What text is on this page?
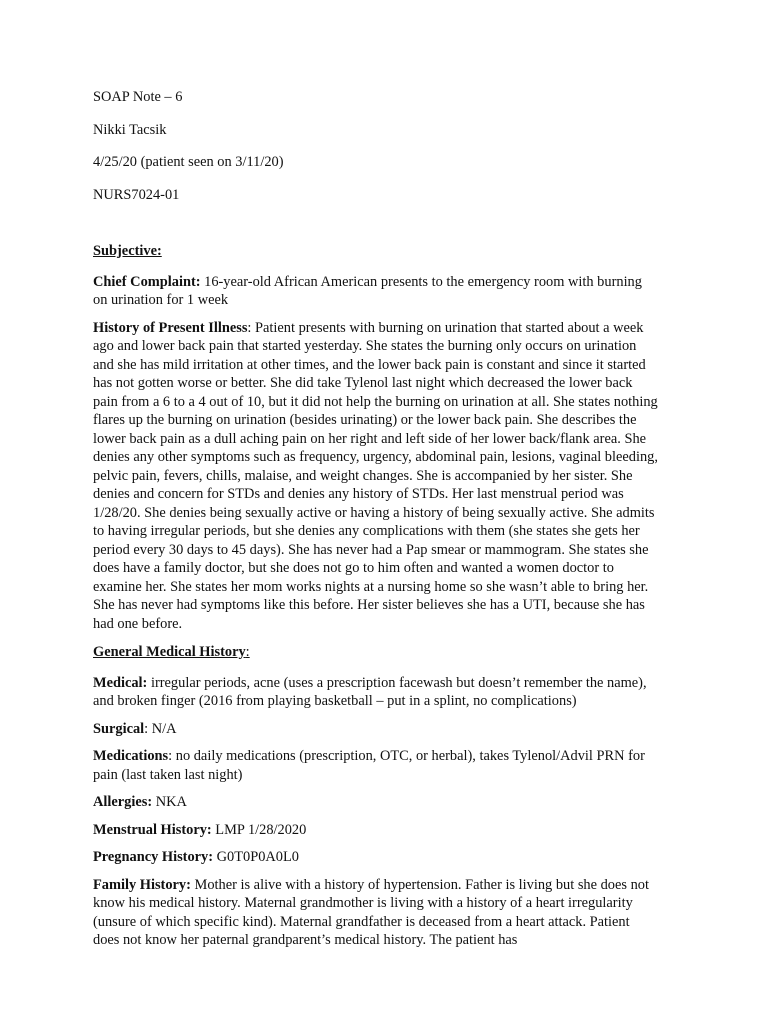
SOAP Note – 6
Nikki Tacsik
4/25/20 (patient seen on 3/11/20)
NURS7024-01
Subjective:

Chief Complaint: 16-year-old African American presents to the emergency room with burning on urination for 1 week

History of Present Illness: Patient presents with burning on urination that started about a week ago and lower back pain that started yesterday. She states the burning only occurs on urination and she has mild irritation at other times, and the lower back pain is constant and since it started has not gotten worse or better. She did take Tylenol last night which decreased the lower back pain from a 6 to a 4 out of 10, but it did not help the burning on urination at all. She states nothing flares up the burning on urination (besides urinating) or the lower back pain. She describes the lower back pain as a dull aching pain on her right and left side of her lower back/flank area. She denies any other symptoms such as frequency, urgency, abdominal pain, lesions, vaginal bleeding, pelvic pain, fevers, chills, malaise, and weight changes. She is accompanied by her sister. She denies and concern for STDs and denies any history of STDs. Her last menstrual period was 1/28/20. She denies being sexually active or having a history of being sexually active. She admits to having irregular periods, but she denies any complications with them (she states she gets her period every 30 days to 45 days). She has never had a Pap smear or mammogram. She states she does have a family doctor, but she does not go to him often and wanted a women doctor to examine her. She states her mom works nights at a nursing home so she wasn’t able to bring her. She has never had symptoms like this before. Her sister believes she has a UTI, because she has had one before.

General Medical History:

Medical: irregular periods, acne (uses a prescription facewash but doesn’t remember the name), and broken finger (2016 from playing basketball – put in a splint, no complications)

Surgical: N/A

Medications: no daily medications (prescription, OTC, or herbal), takes Tylenol/Advil PRN for pain (last taken last night)

Allergies: NKA

Menstrual History: LMP 1/28/2020

Pregnancy History: G0T0P0A0L0

Family History: Mother is alive with a history of hypertension. Father is living but she does not know his medical history. Maternal grandmother is living with a history of a heart irregularity (unsure of which specific kind). Maternal grandfather is deceased from a heart attack. Patient does not know her paternal grandparent’s medical history. The patient has
